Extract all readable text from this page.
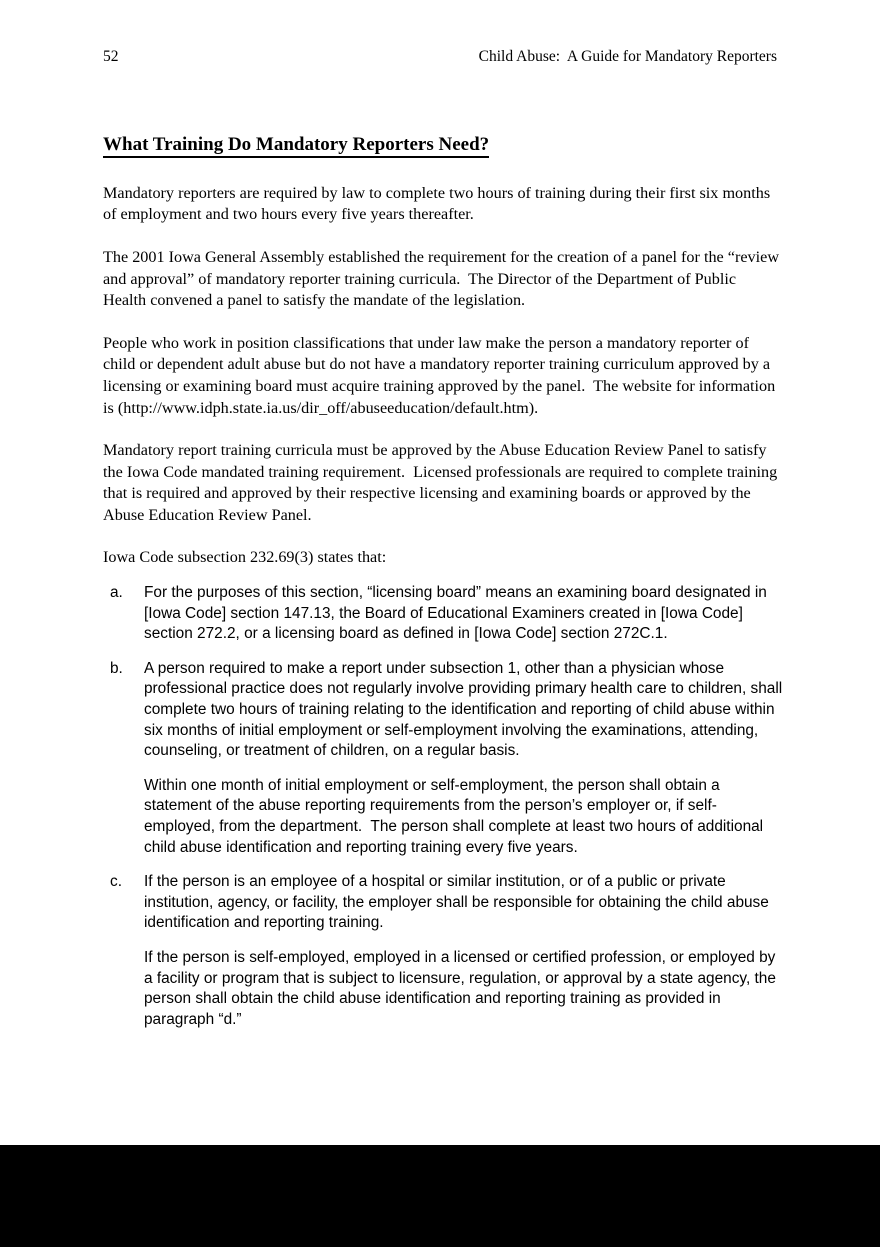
52	Child Abuse:  A Guide for Mandatory Reporters
What Training Do Mandatory Reporters Need?

Mandatory reporters are required by law to complete two hours of training during their first six months of employment and two hours every five years thereafter.

The 2001 Iowa General Assembly established the requirement for the creation of a panel for the “review and approval” of mandatory reporter training curricula.  The Director of the Department of Public Health convened a panel to satisfy the mandate of the legislation.

People who work in position classifications that under law make the person a mandatory reporter of child or dependent adult abuse but do not have a mandatory reporter training curriculum approved by a licensing or examining board must acquire training approved by the panel.  The website for information is (http://www.idph.state.ia.us/dir_off/abuseeducation/default.htm).

Mandatory report training curricula must be approved by the Abuse Education Review Panel to satisfy the Iowa Code mandated training requirement.  Licensed professionals are required to complete training that is required and approved by their respective licensing and examining boards or approved by the Abuse Education Review Panel.

Iowa Code subsection 232.69(3) states that:

a. For the purposes of this section, “licensing board” means an examining board designated in [Iowa Code] section 147.13, the Board of Educational Examiners created in [Iowa Code] section 272.2, or a licensing board as defined in [Iowa Code] section 272C.1.

b. A person required to make a report under subsection 1, other than a physician whose professional practice does not regularly involve providing primary health care to children, shall complete two hours of training relating to the identification and reporting of child abuse within six months of initial employment or self-employment involving the examinations, attending, counseling, or treatment of children, on a regular basis.

Within one month of initial employment or self-employment, the person shall obtain a statement of the abuse reporting requirements from the person’s employer or, if self-employed, from the department.  The person shall complete at least two hours of additional child abuse identification and reporting training every five years.

c. If the person is an employee of a hospital or similar institution, or of a public or private institution, agency, or facility, the employer shall be responsible for obtaining the child abuse identification and reporting training.

If the person is self-employed, employed in a licensed or certified profession, or employed by a facility or program that is subject to licensure, regulation, or approval by a state agency, the person shall obtain the child abuse identification and reporting training as provided in paragraph “d.”
